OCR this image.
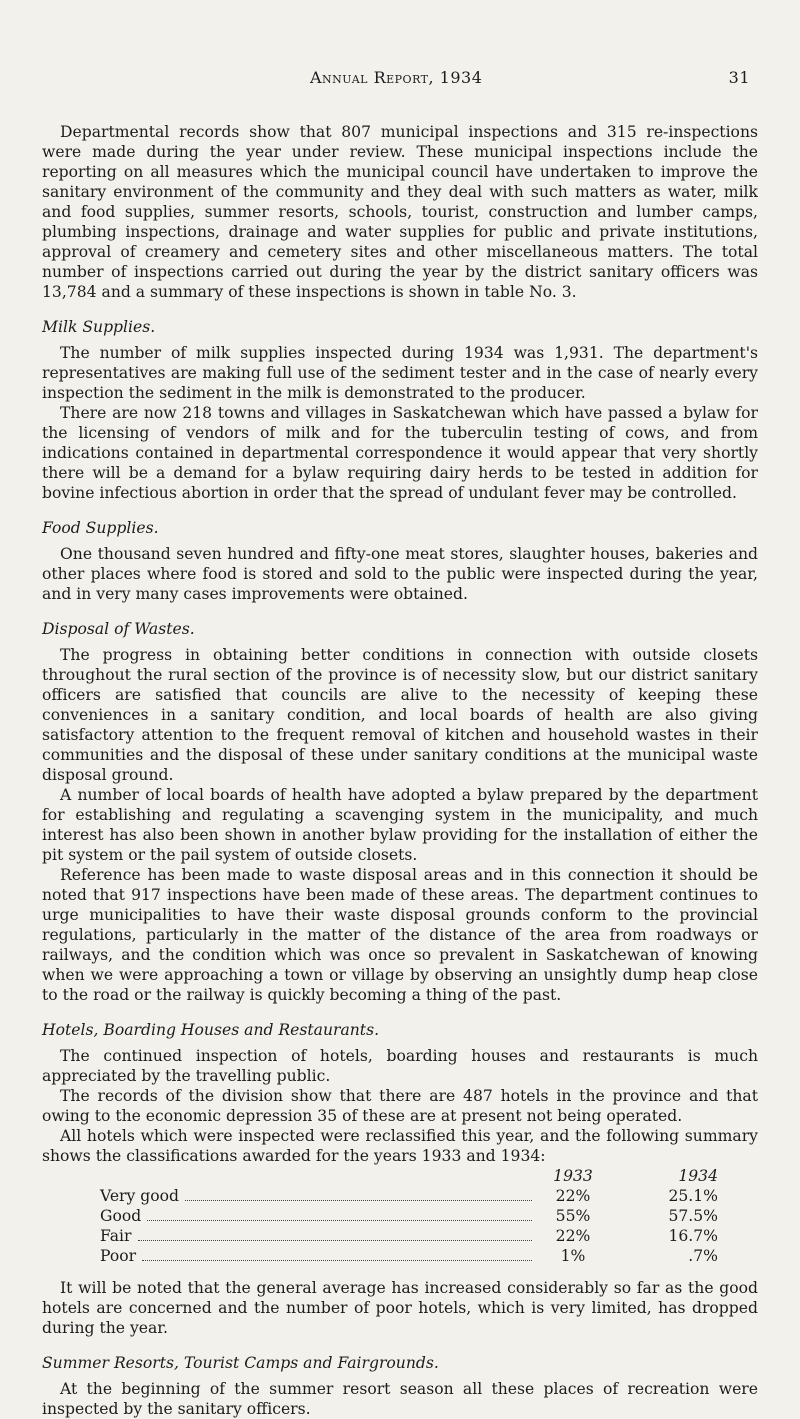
Annual Report, 1934	31

Departmental records show that 807 municipal inspections and 315 re-inspections were made during the year under review. These municipal inspections include the reporting on all measures which the municipal council have undertaken to improve the sanitary environment of the community and they deal with such matters as water, milk and food supplies, summer resorts, schools, tourist, construction and lumber camps, plumbing inspections, drainage and water supplies for public and private institutions, approval of creamery and cemetery sites and other miscellaneous matters. The total number of inspections carried out during the year by the district sanitary officers was 13,784 and a summary of these inspections is shown in table No. 3.

Milk Supplies.

The number of milk supplies inspected during 1934 was 1,931. The department's representatives are making full use of the sediment tester and in the case of nearly every inspection the sediment in the milk is demonstrated to the producer.

There are now 218 towns and villages in Saskatchewan which have passed a bylaw for the licensing of vendors of milk and for the tuberculin testing of cows, and from indications contained in departmental correspondence it would appear that very shortly there will be a demand for a bylaw requiring dairy herds to be tested in addition for bovine infectious abortion in order that the spread of undulant fever may be controlled.

Food Supplies.

One thousand seven hundred and fifty-one meat stores, slaughter houses, bakeries and other places where food is stored and sold to the public were inspected during the year, and in very many cases improvements were obtained.

Disposal of Wastes.

The progress in obtaining better conditions in connection with outside closets throughout the rural section of the province is of necessity slow, but our district sanitary officers are satisfied that councils are alive to the necessity of keeping these conveniences in a sanitary condition, and local boards of health are also giving satisfactory attention to the frequent removal of kitchen and household wastes in their communities and the disposal of these under sanitary conditions at the municipal waste disposal ground.

A number of local boards of health have adopted a bylaw prepared by the department for establishing and regulating a scavenging system in the municipality, and much interest has also been shown in another bylaw providing for the installation of either the pit system or the pail system of outside closets.

Reference has been made to waste disposal areas and in this connection it should be noted that 917 inspections have been made of these areas. The department continues to urge municipalities to have their waste disposal grounds conform to the provincial regulations, particularly in the matter of the distance of the area from roadways or railways, and the condition which was once so prevalent in Saskatchewan of knowing when we were approaching a town or village by observing an unsightly dump heap close to the road or the railway is quickly becoming a thing of the past.

Hotels, Boarding Houses and Restaurants.

The continued inspection of hotels, boarding houses and restaurants is much appreciated by the travelling public.

The records of the division show that there are 487 hotels in the province and that owing to the economic depression 35 of these are at present not being operated.

All hotels which were inspected were reclassified this year, and the following summary shows the classifications awarded for the years 1933 and 1934:

1933	1934
Very good	22%	25.1%
Good	55%	57.5%
Fair	22%	16.7%
Poor	1%	.7%

It will be noted that the general average has increased considerably so far as the good hotels are concerned and the number of poor hotels, which is very limited, has dropped during the year.

Summer Resorts, Tourist Camps and Fairgrounds.

At the beginning of the summer resort season all these places of recreation were inspected by the sanitary officers.
